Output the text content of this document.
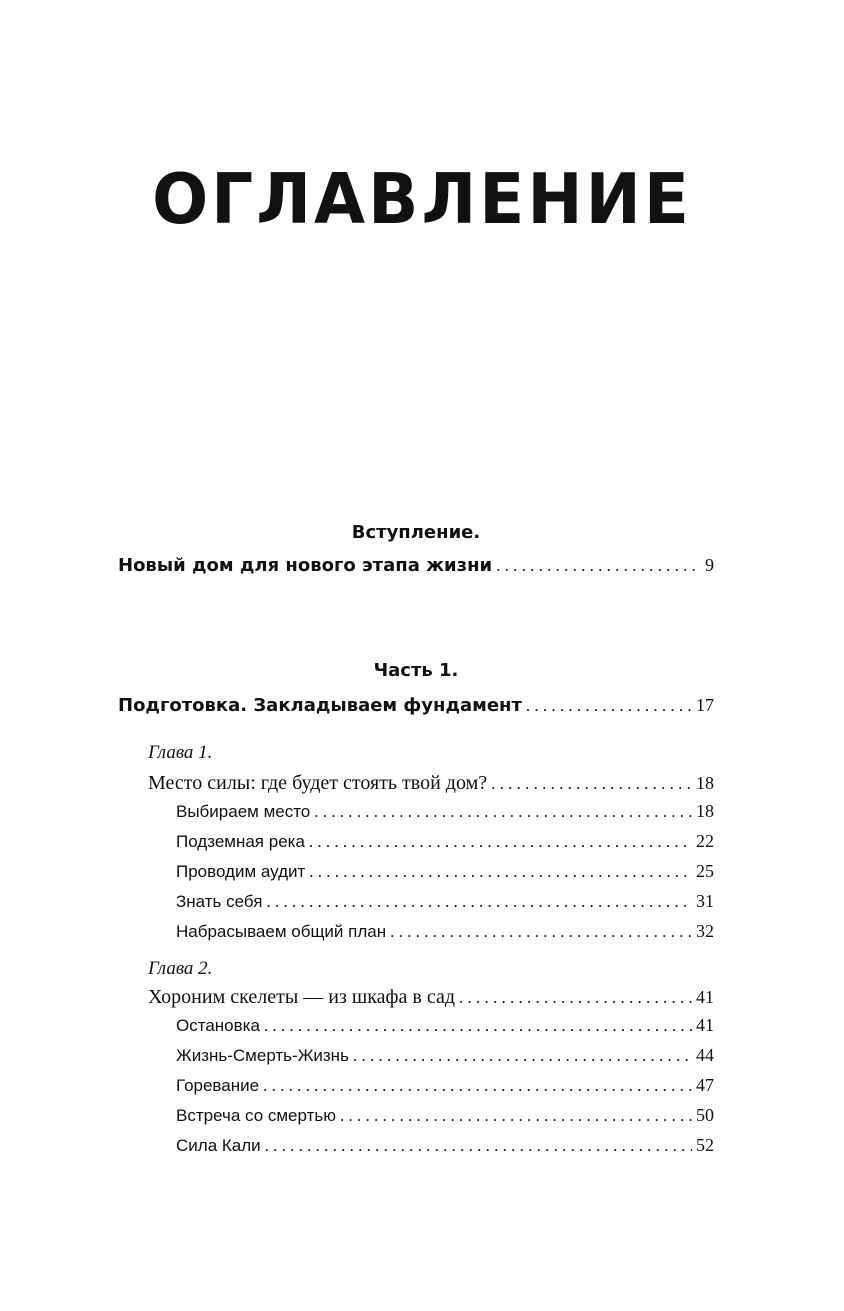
ОГЛАВЛЕНИЕ
Вступление.
Новый дом для нового этапа жизни . . .	9
Часть 1.
Подготовка. Закладываем фундамент . . .	17
Глава 1.
Место силы: где будет стоять твой дом? . . .	18
Выбираем место . . .	18
Подземная река . . .	22
Проводим аудит . . .	25
Знать себя . . .	31
Набрасываем общий план . . .	32
Глава 2.
Хороним скелеты — из шкафа в сад . . .	41
Остановка . . .	41
Жизнь-Смерть-Жизнь . . .	44
Горевание . . .	47
Встреча со смертью . . .	50
Сила Кали . . .	52
